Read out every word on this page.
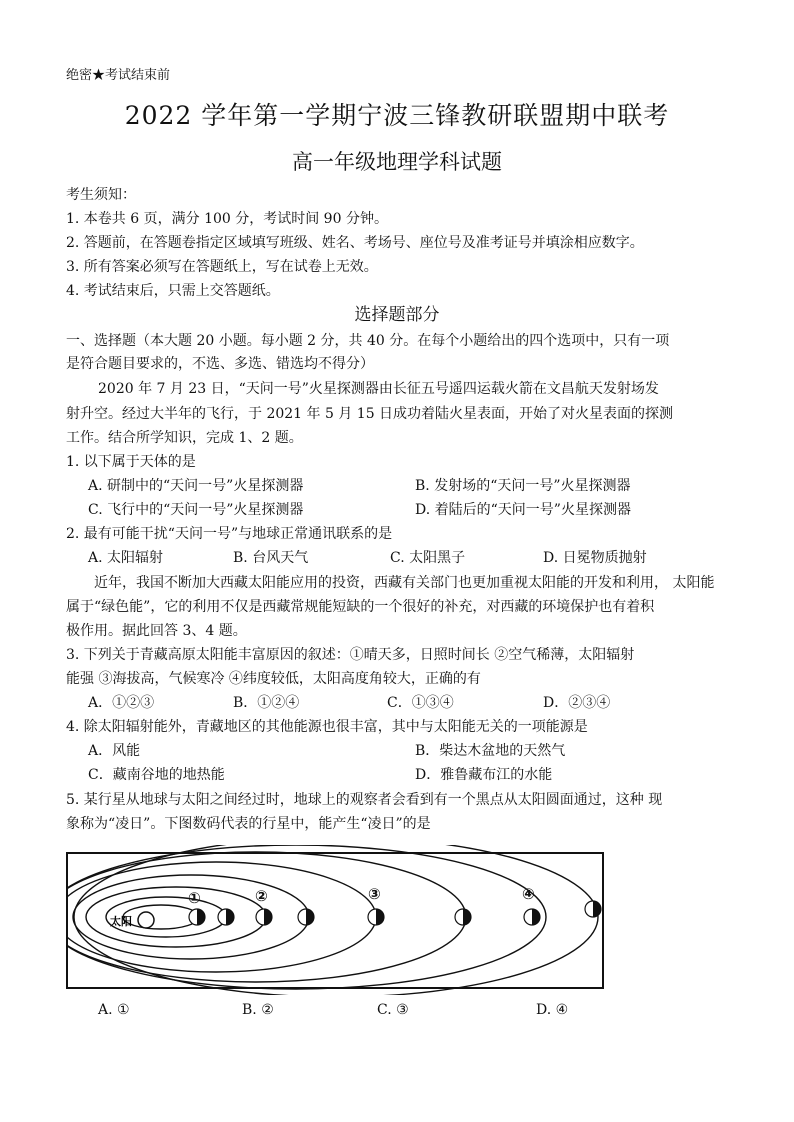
绝密★考试结束前
2022 学年第一学期宁波三锋教研联盟期中联考
高一年级地理学科试题
考生须知：
1. 本卷共 6 页，满分 100 分，考试时间 90 分钟。
2. 答题前，在答题卷指定区域填写班级、姓名、考场号、座位号及准考证号并填涂相应数字。
3. 所有答案必须写在答题纸上，写在试卷上无效。
4. 考试结束后，只需上交答题纸。
选择题部分
一、选择题（本大题 20 小题。每小题 2 分，共 40 分。在每个小题给出的四个选项中，只有一项
是符合题目要求的，不选、多选、错选均不得分）
2020 年 7 月 23 日，“天问一号”火星探测器由长征五号遥四运载火箭在文昌航天发射场发
射升空。经过大半年的飞行，于 2021 年 5 月 15 日成功着陆火星表面，开始了对火星表面的探测
工作。结合所学知识，完成 1、2 题。
1. 以下属于天体的是
A. 研制中的“天问一号”火星探测器	B. 发射场的“天问一号”火星探测器
C. 飞行中的“天问一号”火星探测器	D. 着陆后的“天问一号”火星探测器
2. 最有可能干扰“天问一号”与地球正常通讯联系的是
A. 太阳辐射	B. 台风天气	C. 太阳黑子	D. 日冕物质抛射
近年，我国不断加大西藏太阳能应用的投资，西藏有关部门也更加重视太阳能的开发和利用， 太阳能
属于“绿色能”，它的利用不仅是西藏常规能短缺的一个很好的补充，对西藏的环境保护也有着积
极作用。据此回答 3、4 题。
3. 下列关于青藏高原太阳能丰富原因的叙述：①晴天多，日照时间长 ②空气稀薄，太阳辐射
能强 ③海拔高，气候寒冷 ④纬度较低，太阳高度角较大，正确的有
A．①②③	B．①②④	C．①③④	D．②③④
4. 除太阳辐射能外，青藏地区的其他能源也很丰富，其中与太阳能无关的一项能源是
A．风能	B．柴达木盆地的天然气
C．藏南谷地的地热能	D．雅鲁藏布江的水能
5. 某行星从地球与太阳之间经过时，地球上的观察者会看到有一个黑点从太阳圆面通过，这种 现
象称为“凌日”。下图数码代表的行星中，能产生“凌日”的是
太阳
①	②	③	④
A. ①	B. ②	C. ③	D. ④
